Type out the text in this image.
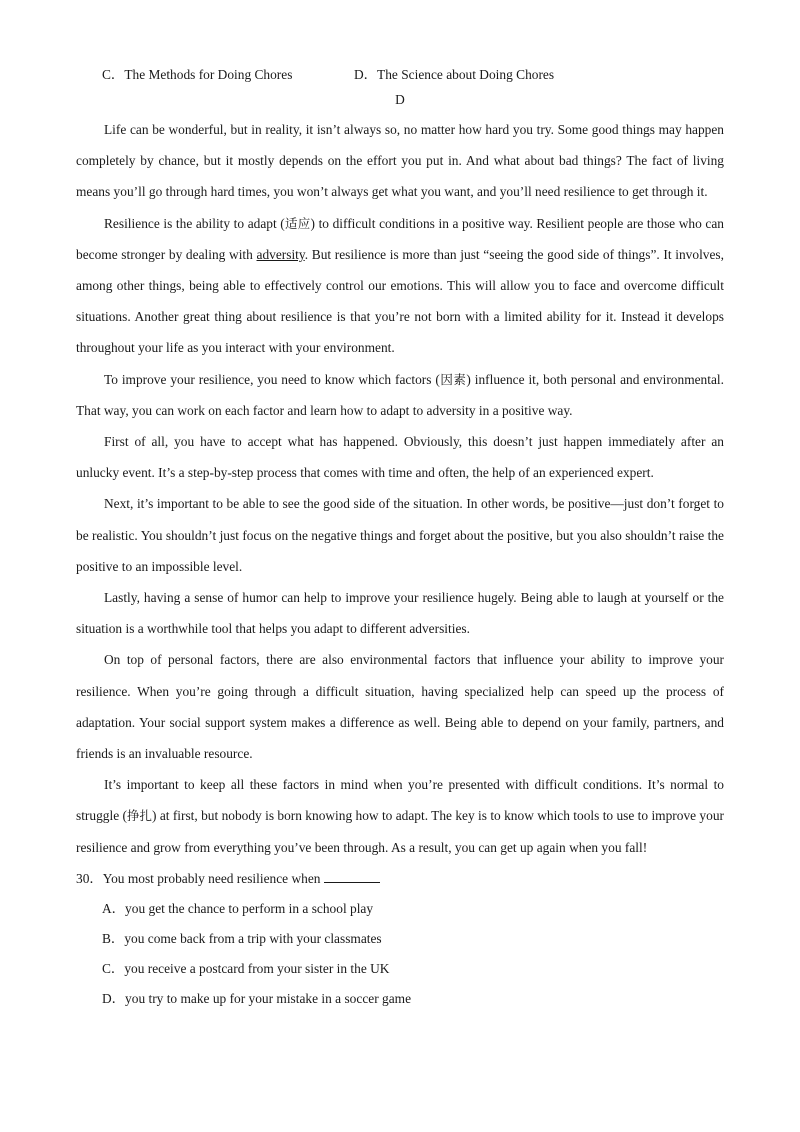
C．The Methods for Doing Chores	D．The Science about Doing Chores
D

Life can be wonderful, but in reality, it isn’t always so, no matter how hard you try. Some good things may happen completely by chance, but it mostly depends on the effort you put in. And what about bad things? The fact of living means you’ll go through hard times, you won’t always get what you want, and you’ll need resilience to get through it.

Resilience is the ability to adapt (适应) to difficult conditions in a positive way. Resilient people are those who can become stronger by dealing with adversity. But resilience is more than just “seeing the good side of things”. It involves, among other things, being able to effectively control our emotions. This will allow you to face and overcome difficult situations. Another great thing about resilience is that you’re not born with a limited ability for it. Instead it develops throughout your life as you interact with your environment.

To improve your resilience, you need to know which factors (因素) influence it, both personal and environmental. That way, you can work on each factor and learn how to adapt to adversity in a positive way.

First of all, you have to accept what has happened. Obviously, this doesn’t just happen immediately after an unlucky event. It’s a step-by-step process that comes with time and often, the help of an experienced expert.

Next, it’s important to be able to see the good side of the situation. In other words, be positive—just don’t forget to be realistic. You shouldn’t just focus on the negative things and forget about the positive, but you also shouldn’t raise the positive to an impossible level.

Lastly, having a sense of humor can help to improve your resilience hugely. Being able to laugh at yourself or the situation is a worthwhile tool that helps you adapt to different adversities.

On top of personal factors, there are also environmental factors that influence your ability to improve your resilience. When you’re going through a difficult situation, having specialized help can speed up the process of adaptation. Your social support system makes a difference as well. Being able to depend on your family, partners, and friends is an invaluable resource.

It’s important to keep all these factors in mind when you’re presented with difficult conditions. It’s normal to struggle (挣扎) at first, but nobody is born knowing how to adapt. The key is to know which tools to use to improve your resilience and grow from everything you’ve been through. As a result, you can get up again when you fall!

30．You most probably need resilience when
A．you get the chance to perform in a school play
B．you come back from a trip with your classmates
C．you receive a postcard from your sister in the UK
D．you try to make up for your mistake in a soccer game
